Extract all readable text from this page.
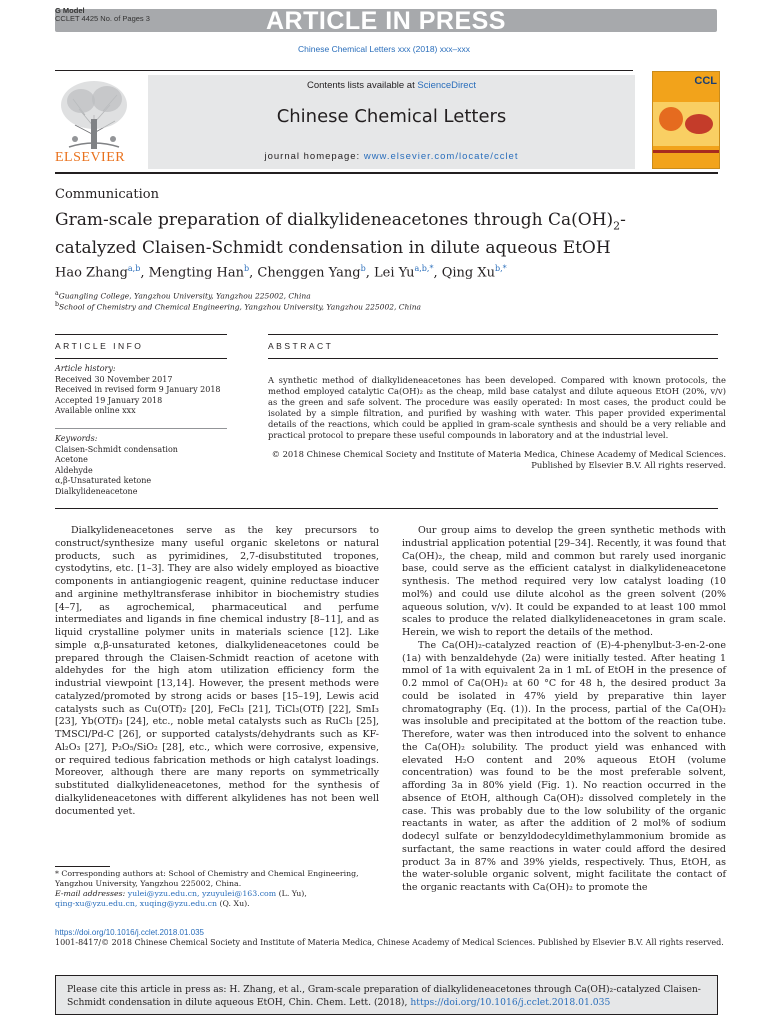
ARTICLE IN PRESS
G Model
CCLET 4425 No. of Pages 3
Chinese Chemical Letters xxx (2018) xxx–xxx
ELSEVIER
Contents lists available at ScienceDirect
Chinese Chemical Letters
journal homepage: www.elsevier.com/locate/cclet
CCL
Communication
Gram-scale preparation of dialkylideneacetones through $Ca(OH)_2-$
catalyzed Claisen-Schmidt condensation in dilute aqueous EtOH
Hao Zhang$^{a,b}$, Mengting Han$^b$, Chenggen Yang$^b$, Lei $Yu^{a,b,*}$, Qing $Xu^{b,*}$
$^a$Guangling College, Yangzhou University, Yangzhou 225002, China
$^b$School of Chemistry and Chemical Engineering, Yangzhou University, Yangzhou 225002, China
ARTICLE INFO
Article history:
Received 30 November 2017
Received in revised form 9 January 2018
Accepted 19 January 2018
Available online xxx
Keywords:
Claisen-Schmidt condensation
Acetone
Aldehyde
α,β-Unsaturated ketone
Dialkylideneacetone
ABSTRACT
A synthetic method of dialkylideneacetones has been developed. Compared with known protocols, the method employed catalytic Ca(OH)₂ as the cheap, mild base catalyst and dilute aqueous EtOH (20%, v/v) as the green and safe solvent. The procedure was easily operated: In most cases, the product could be isolated by a simple filtration, and purified by washing with water. This paper provided experimental details of the reactions, which could be applied in gram-scale synthesis and should be a very reliable and practical protocol to prepare these useful compounds in laboratory and at the industrial level.
© 2018 Chinese Chemical Society and Institute of Materia Medica, Chinese Academy of Medical Sciences.
Published by Elsevier B.V. All rights reserved.

Dialkylideneacetones serve as the key precursors to construct/synthesize many useful organic skeletons or natural products, such as pyrimidines, 2,7-disubstituted tropones, cystodytins, etc. [1–3]. They are also widely employed as bioactive components in antiangiogenic reagent, quinine reductase inducer and arginine methyltransferase inhibitor in biochemistry studies [4–7], as agrochemical, pharmaceutical and perfume intermediates and ligands in fine chemical industry [8–11], and as liquid crystalline polymer units in materials science [12]. Like simple α,β-unsaturated ketones, dialkylideneacetones could be prepared through the Claisen-Schmidt reaction of acetone with aldehydes for the high atom utilization efficiency form the industrial viewpoint [13,14]. However, the present methods were catalyzed/promoted by strong acids or bases [15–19], Lewis acid catalysts such as Cu(OTf)₂ [20], FeCl₃ [21], TiCl₃(OTf) [22], SmI₃ [23], Yb(OTf)₃ [24], etc., noble metal catalysts such as RuCl₃ [25], TMSCl/Pd-C [26], or supported catalysts/dehydrants such as KF-Al₂O₃ [27], P₂O₅/SiO₂ [28], etc., which were corrosive, expensive, or required tedious fabrication methods or high catalyst loadings. Moreover, although there are many reports on symmetrically substituted dialkylideneacetones, method for the synthesis of dialkylideneacetones with different alkylidenes has not been well documented yet.

Our group aims to develop the green synthetic methods with industrial application potential [29–34]. Recently, it was found that Ca(OH)₂, the cheap, mild and common but rarely used inorganic base, could serve as the efficient catalyst in dialkylideneacetone synthesis. The method required very low catalyst loading (10 mol%) and could use dilute alcohol as the green solvent (20% aqueous solution, v/v). It could be expanded to at least 100 mmol scales to produce the related dialkylideneacetones in gram scale. Herein, we wish to report the details of the method.

The Ca(OH)₂-catalyzed reaction of (E)-4-phenylbut-3-en-2-one (1a) with benzaldehyde (2a) were initially tested. After heating 1 mmol of 1a with equivalent 2a in 1 mL of EtOH in the presence of 0.2 mmol of Ca(OH)₂ at 60 °C for 48 h, the desired product 3a could be isolated in 47% yield by preparative thin layer chromatography (Eq. (1)). In the process, partial of the Ca(OH)₂ was insoluble and precipitated at the bottom of the reaction tube. Therefore, water was then introduced into the solvent to enhance the Ca(OH)₂ solubility. The product yield was enhanced with elevated H₂O content and 20% aqueous EtOH (volume concentration) was found to be the most preferable solvent, affording 3a in 80% yield (Fig. 1). No reaction occurred in the absence of EtOH, although Ca(OH)₂ dissolved completely in the case. This was probably due to the low solubility of the organic reactants in water, as after the addition of 2 mol% of sodium dodecyl sulfate or benzyldodecyldimethylammonium bromide as surfactant, the same reactions in water could afford the desired product 3a in 87% and 39% yields, respectively. Thus, EtOH, as the water-soluble organic solvent, might facilitate the contact of the organic reactants with Ca(OH)₂ to promote the

* Corresponding authors at: School of Chemistry and Chemical Engineering, Yangzhou University, Yangzhou 225002, China.
E-mail addresses: yulei@yzu.edu.cn, yzuyulei@163.com (L. Yu),
qing-xu@yzu.edu.cn, xuqing@yzu.edu.cn (Q. Xu).
https://doi.org/10.1016/j.cclet.2018.01.035
1001-8417/© 2018 Chinese Chemical Society and Institute of Materia Medica, Chinese Academy of Medical Sciences. Published by Elsevier B.V. All rights reserved.
Please cite this article in press as: H. Zhang, et al., Gram-scale preparation of dialkylideneacetones through Ca(OH)₂-catalyzed Claisen-Schmidt condensation in dilute aqueous EtOH, Chin. Chem. Lett. (2018), https://doi.org/10.1016/j.cclet.2018.01.035
